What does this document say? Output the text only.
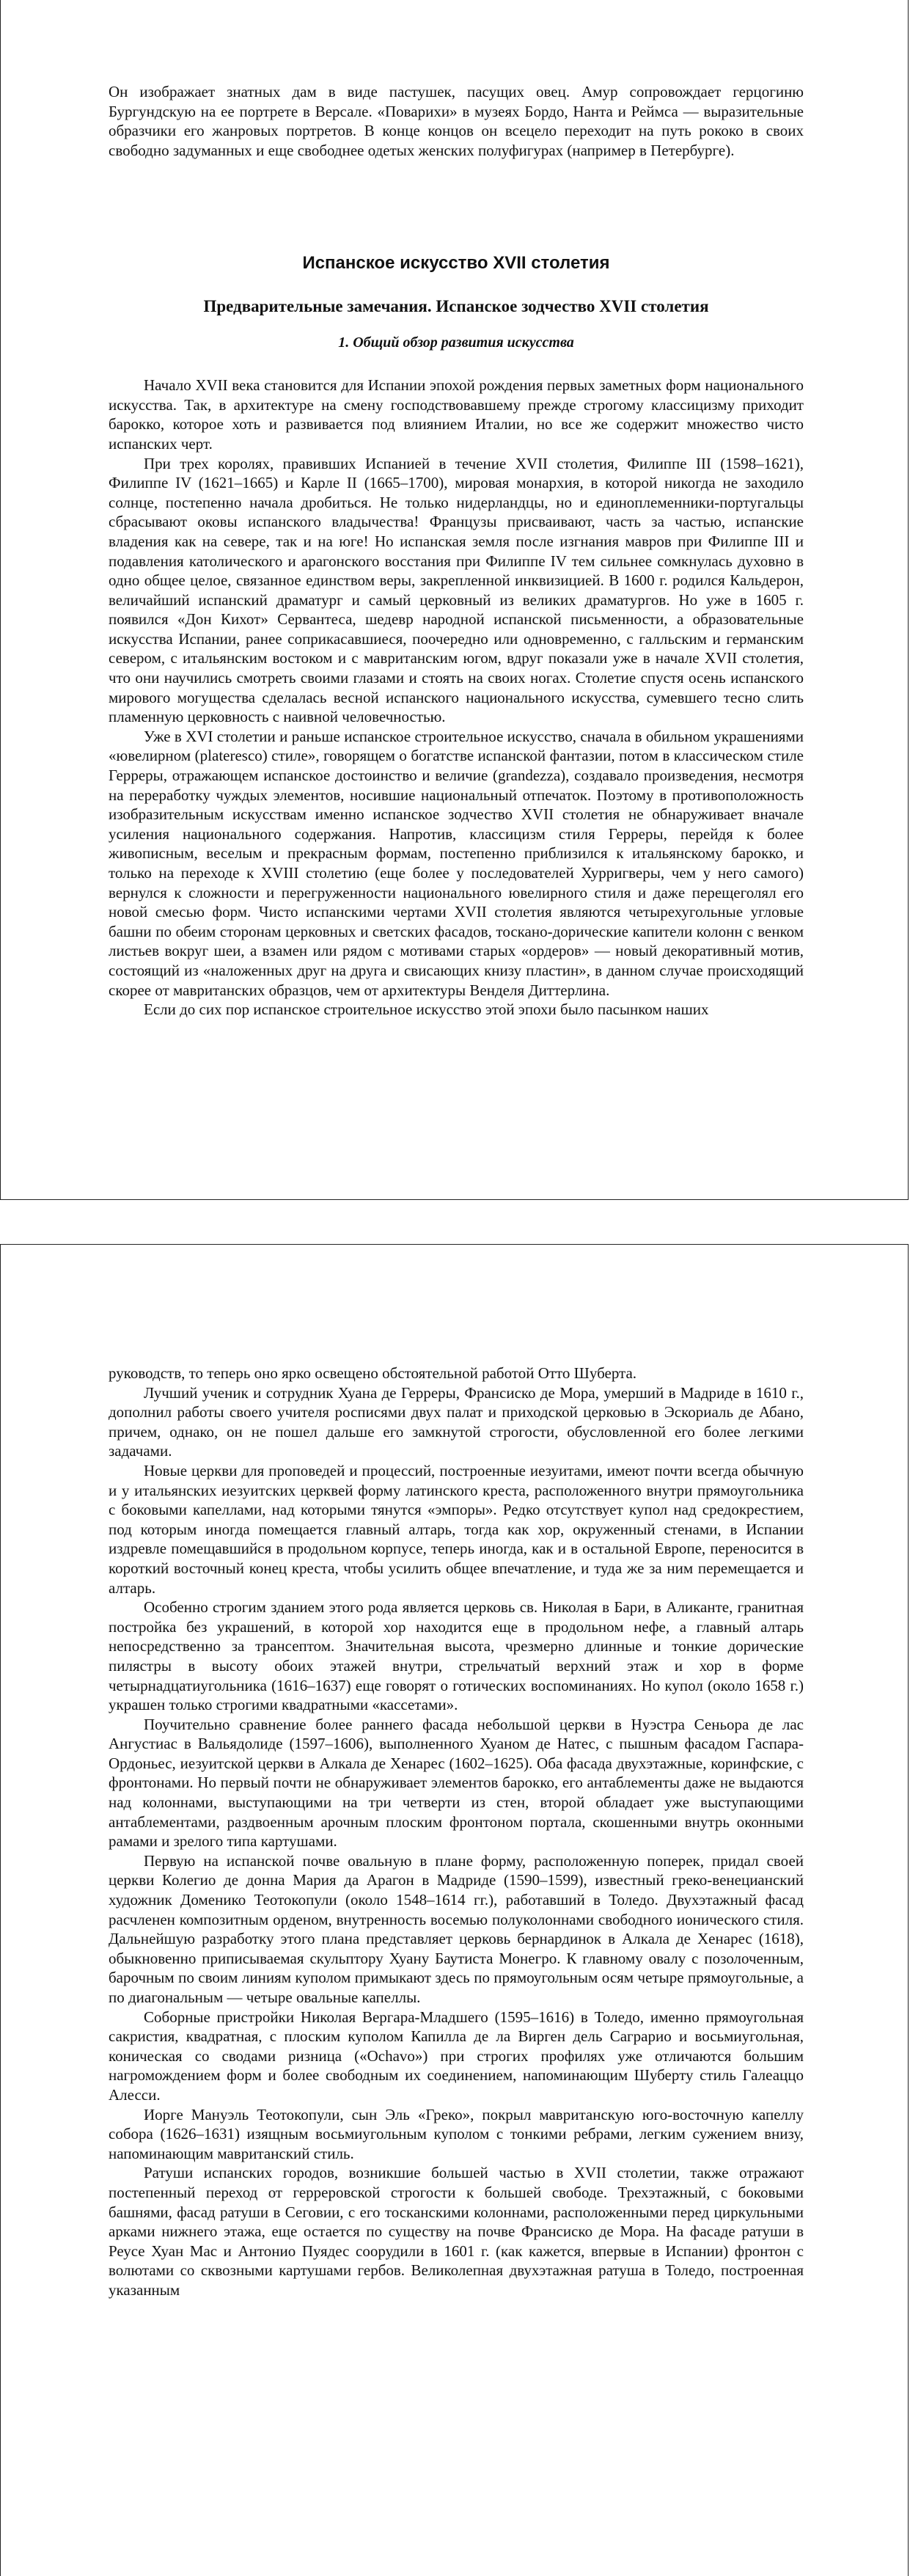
Он изображает знатных дам в виде пастушек, пасущих овец. Амур сопровождает герцогиню Бургундскую на ее портрете в Версале. «Поварихи» в музеях Бордо, Нанта и Реймса — выразительные образчики его жанровых портретов. В конце концов он всецело переходит на путь рококо в своих свободно задуманных и еще свободнее одетых женских полуфигурах (например в Петербурге).

Испанское искусство XVII столетия
Предварительные замечания. Испанское зодчество XVII столетия
1. Общий обзор развития искусства

Начало XVII века становится для Испании эпохой рождения первых заметных форм национального искусства. Так, в архитектуре на смену господствовавшему прежде строгому классицизму приходит барокко, которое хоть и развивается под влиянием Италии, но все же содержит множество чисто испанских черт.

При трех королях, правивших Испанией в течение XVII столетия, Филиппе III (1598–1621), Филиппе IV (1621–1665) и Карле II (1665–1700), мировая монархия, в которой никогда не заходило солнце, постепенно начала дробиться. Не только нидерландцы, но и единоплеменники-португальцы сбрасывают оковы испанского владычества! Французы присваивают, часть за частью, испанские владения как на севере, так и на юге! Но испанская земля после изгнания мавров при Филиппе III и подавления католического и арагонского восстания при Филиппе IV тем сильнее сомкнулась духовно в одно общее целое, связанное единством веры, закрепленной инквизицией. В 1600 г. родился Кальдерон, величайший испанский драматург и самый церковный из великих драматургов. Но уже в 1605 г. появился «Дон Кихот» Сервантеса, шедевр народной испанской письменности, а образовательные искусства Испании, ранее соприкасавшиеся, поочередно или одновременно, с галльским и германским севером, с итальянским востоком и с мавританским югом, вдруг показали уже в начале XVII столетия, что они научились смотреть своими глазами и стоять на своих ногах. Столетие спустя осень испанского мирового могущества сделалась весной испанского национального искусства, сумевшего тесно слить пламенную церковность с наивной человечностью.

Уже в XVI столетии и раньше испанское строительное искусство, сначала в обильном украшениями «ювелирном (plateresco) стиле», говорящем о богатстве испанской фантазии, потом в классическом стиле Герреры, отражающем испанское достоинство и величие (grandezza), создавало произведения, несмотря на переработку чуждых элементов, носившие национальный отпечаток. Поэтому в противоположность изобразительным искусствам именно испанское зодчество XVII столетия не обнаруживает вначале усиления национального содержания. Напротив, классицизм стиля Герреры, перейдя к более живописным, веселым и прекрасным формам, постепенно приблизился к итальянскому барокко, и только на переходе к XVIII столетию (еще более у последователей Хурригверы, чем у него самого) вернулся к сложности и перегруженности национального ювелирного стиля и даже перещеголял его новой смесью форм. Чисто испанскими чертами XVII столетия являются четырехугольные угловые башни по обеим сторонам церковных и светских фасадов, тоскано-дорические капители колонн с венком листьев вокруг шеи, а взамен или рядом с мотивами старых «ордеров» — новый декоративный мотив, состоящий из «наложенных друг на друга и свисающих книзу пластин», в данном случае происходящий скорее от мавританских образцов, чем от архитектуры Венделя Диттерлина.

Если до сих пор испанское строительное искусство этой эпохи было пасынком наших

руководств, то теперь оно ярко освещено обстоятельной работой Отто Шуберта.

Лучший ученик и сотрудник Хуана де Герреры, Франсиско де Мора, умерший в Мадриде в 1610 г., дополнил работы своего учителя росписями двух палат и приходской церковью в Эскориаль де Абано, причем, однако, он не пошел дальше его замкнутой строгости, обусловленной его более легкими задачами.

Новые церкви для проповедей и процессий, построенные иезуитами, имеют почти всегда обычную и у итальянских иезуитских церквей форму латинского креста, расположенного внутри прямоугольника с боковыми капеллами, над которыми тянутся «эмпоры». Редко отсутствует купол над средокрестием, под которым иногда помещается главный алтарь, тогда как хор, окруженный стенами, в Испании издревле помещавшийся в продольном корпусе, теперь иногда, как и в остальной Европе, переносится в короткий восточный конец креста, чтобы усилить общее впечатление, и туда же за ним перемещается и алтарь.

Особенно строгим зданием этого рода является церковь св. Николая в Бари, в Аликанте, гранитная постройка без украшений, в которой хор находится еще в продольном нефе, а главный алтарь непосредственно за трансептом. Значительная высота, чрезмерно длинные и тонкие дорические пилястры в высоту обоих этажей внутри, стрельчатый верхний этаж и хор в форме четырнадцатиугольника (1616–1637) еще говорят о готических воспоминаниях. Но купол (около 1658 г.) украшен только строгими квадратными «кассетами».

Поучительно сравнение более раннего фасада небольшой церкви в Нуэстра Сеньора де лас Ангустиас в Вальядолиде (1597–1606), выполненного Хуаном де Натес, с пышным фасадом Гаспара-Ордоньес, иезуитской церкви в Алкала де Хенарес (1602–1625). Оба фасада двухэтажные, коринфские, с фронтонами. Но первый почти не обнаруживает элементов барокко, его антаблементы даже не выдаются над колоннами, выступающими на три четверти из стен, второй обладает уже выступающими антаблементами, раздвоенным арочным плоским фронтоном портала, скошенными внутрь оконными рамами и зрелого типа картушами.

Первую на испанской почве овальную в плане форму, расположенную поперек, придал своей церкви Колегио де донна Мария да Арагон в Мадриде (1590–1599), известный греко-венецианский художник Доменико Теотокопули (около 1548–1614 гг.), работавший в Толедо. Двухэтажный фасад расчленен композитным орденом, внутренность восемью полуколоннами свободного ионического стиля. Дальнейшую разработку этого плана представляет церковь бернардинок в Алкала де Хенарес (1618), обыкновенно приписываемая скульптору Хуану Баутиста Монегро. К главному овалу с позолоченным, барочным по своим линиям куполом примыкают здесь по прямоугольным осям четыре прямоугольные, а по диагональным — четыре овальные капеллы.

Соборные пристройки Николая Вергара-Младшего (1595–1616) в Толедо, именно прямоугольная сакристия, квадратная, с плоским куполом Капилла де ла Вирген дель Саграрио и восьмиугольная, коническая со сводами ризница («Ochavo») при строгих профилях уже отличаются большим нагромождением форм и более свободным их соединением, напоминающим Шуберту стиль Галеаццо Алесси.

Иорге Мануэль Теотокопули, сын Эль «Греко», покрыл мавританскую юго-восточную капеллу собора (1626–1631) изящным восьмиугольным куполом с тонкими ребрами, легким сужением внизу, напоминающим мавританский стиль.

Ратуши испанских городов, возникшие большей частью в XVII столетии, также отражают постепенный переход от герреровской строгости к большей свободе. Трехэтажный, с боковыми башнями, фасад ратуши в Сеговии, с его тосканскими колоннами, расположенными перед циркульными арками нижнего этажа, еще остается по существу на почве Франсиско де Мора. На фасаде ратуши в Реусе Хуан Мас и Антонио Пуядес соорудили в 1601 г. (как кажется, впервые в Испании) фронтон с волютами со сквозными картушами гербов. Великолепная двухэтажная ратуша в Толедо, построенная указанным
